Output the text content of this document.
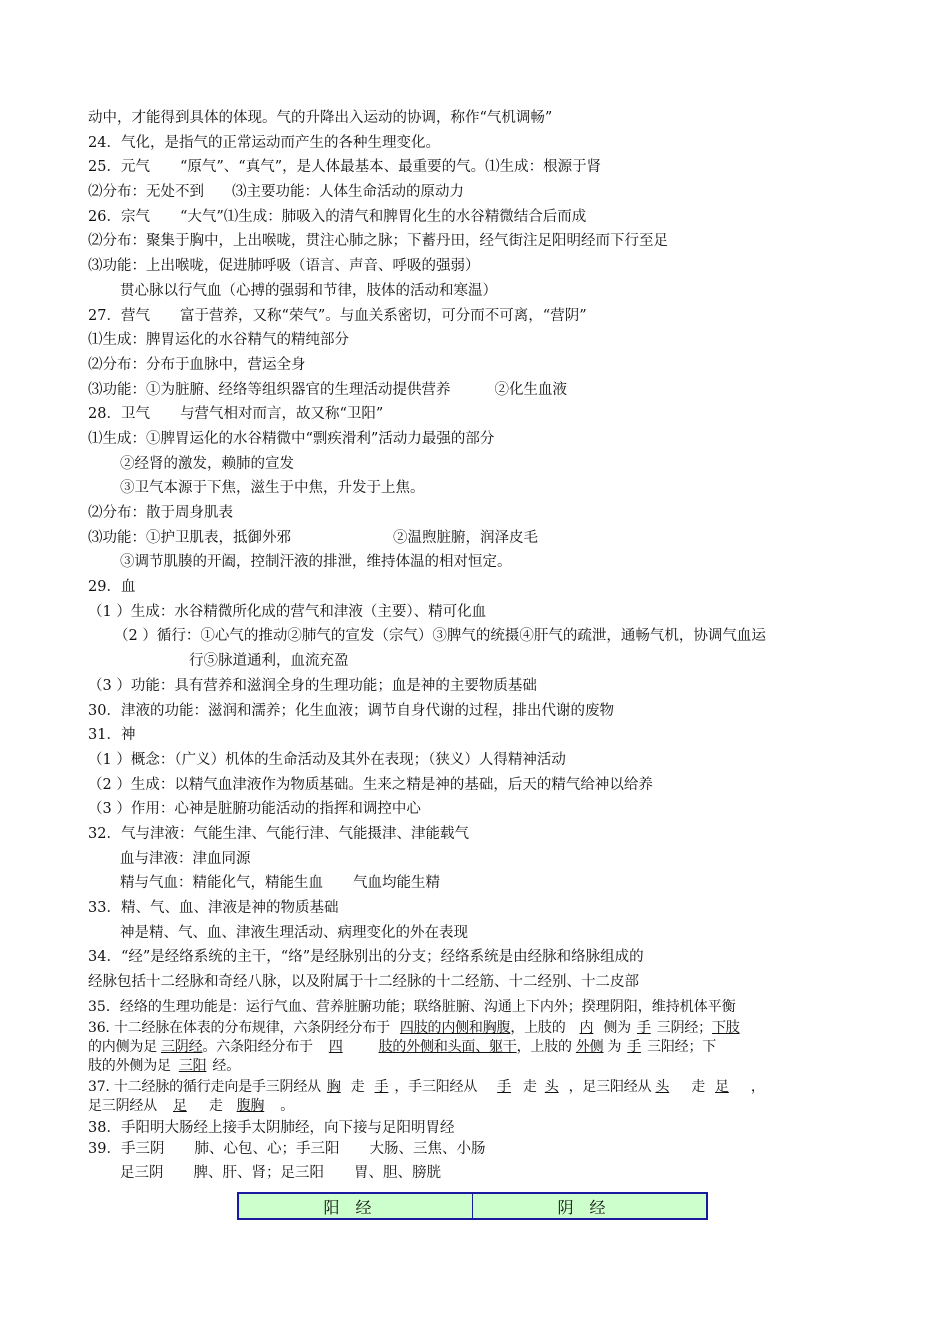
动中，才能得到具体的体现。气的升降出入运动的协调，称作“气机调畅”
24．气化，是指气的正常运动而产生的各种生理变化。
25．元气 “原气”、“真气”，是人体最基本、最重要的气。⑴生成：根源于肾
⑵分布：无处不到 ⑶主要功能：人体生命活动的原动力
26．宗气 “大气”⑴生成：肺吸入的清气和脾胃化生的水谷精微结合后而成
⑵分布：聚集于胸中，上出喉咙，贯注心肺之脉；下蓄丹田，经气街注足阳明经而下行至足
⑶功能：上出喉咙，促进肺呼吸（语言、声音、呼吸的强弱）
贯心脉以行气血（心搏的强弱和节律，肢体的活动和寒温）
27．营气 富于营养，又称“荣气”。与血关系密切，可分而不可离，“营阴”
⑴生成：脾胃运化的水谷精气的精纯部分
⑵分布：分布于血脉中，营运全身
⑶功能：①为脏腑、经络等组织器官的生理活动提供营养	②化生血液
28．卫气 与营气相对而言，故又称“卫阳”
⑴生成：①脾胃运化的水谷精微中“剽疾滑利”活动力最强的部分
②经肾的激发，赖肺的宣发
③卫气本源于下焦，滋生于中焦，升发于上焦。
⑵分布：散于周身肌表
⑶功能：①护卫肌表，抵御外邪	②温煦脏腑，润泽皮毛
③调节肌腠的开阖，控制汗液的排泄，维持体温的相对恒定。
29．血
（1 ）生成：水谷精微所化成的营气和津液（主要）、精可化血
（2 ）循行：①心气的推动②肺气的宣发（宗气）③脾气的统摄④肝气的疏泄，通畅气机，协调气血运
行⑤脉道通利，血流充盈
（3 ）功能：具有营养和滋润全身的生理功能；血是神的主要物质基础
30．津液的功能：滋润和濡养；化生血液；调节自身代谢的过程，排出代谢的废物
31．神
（1 ）概念：（广义）机体的生命活动及其外在表现；（狭义）人得精神活动
（2 ）生成：以精气血津液作为物质基础。生来之精是神的基础，后天的精气给神以给养
（3 ）作用：心神是脏腑功能活动的指挥和调控中心
32．气与津液：气能生津、气能行津、气能摄津、津能载气
血与津液：津血同源
精与气血：精能化气，精能生血 气血均能生精
33．精、气、血、津液是神的物质基础
神是精、气、血、津液生理活动、病理变化的外在表现
34．“经”是经络系统的主干，“络”是经脉别出的分支；经络系统是由经脉和络脉组成的
经脉包括十二经脉和奇经八脉，以及附属于十二经脉的十二经筋、十二经别、十二皮部
35．经络的生理功能是：运行气血、营养脏腑功能；联络脏腑、沟通上下内外；揆理阴阳，维持机体平衡
36. 十二经脉在体表的分布规律，六条阴经分布于 四肢的内侧和胸腹，上肢的 内 侧为 手 三阴经；下肢
的内侧为足 三阴经。六条阳经分布于 四	肢的外侧和头面、躯干，上肢的 外侧 为 手 三阳经；下
肢的外侧为足 三阳 经。
37. 十二经脉的循行走向是手三阴经从 胸 走 手 ，手三阳经从 手 走 头 ，足三阳经从 头 走 足 ，
足三阴经从 足 走 腹胸 。
38．手阳明大肠经上接手太阴肺经，向下接与足阳明胃经
39．手三阴 肺、心包、心；手三阳 大肠、三焦、小肠
足三阴 脾、肝、肾；足三阳 胃、胆、膀胱
阳经	阴经
